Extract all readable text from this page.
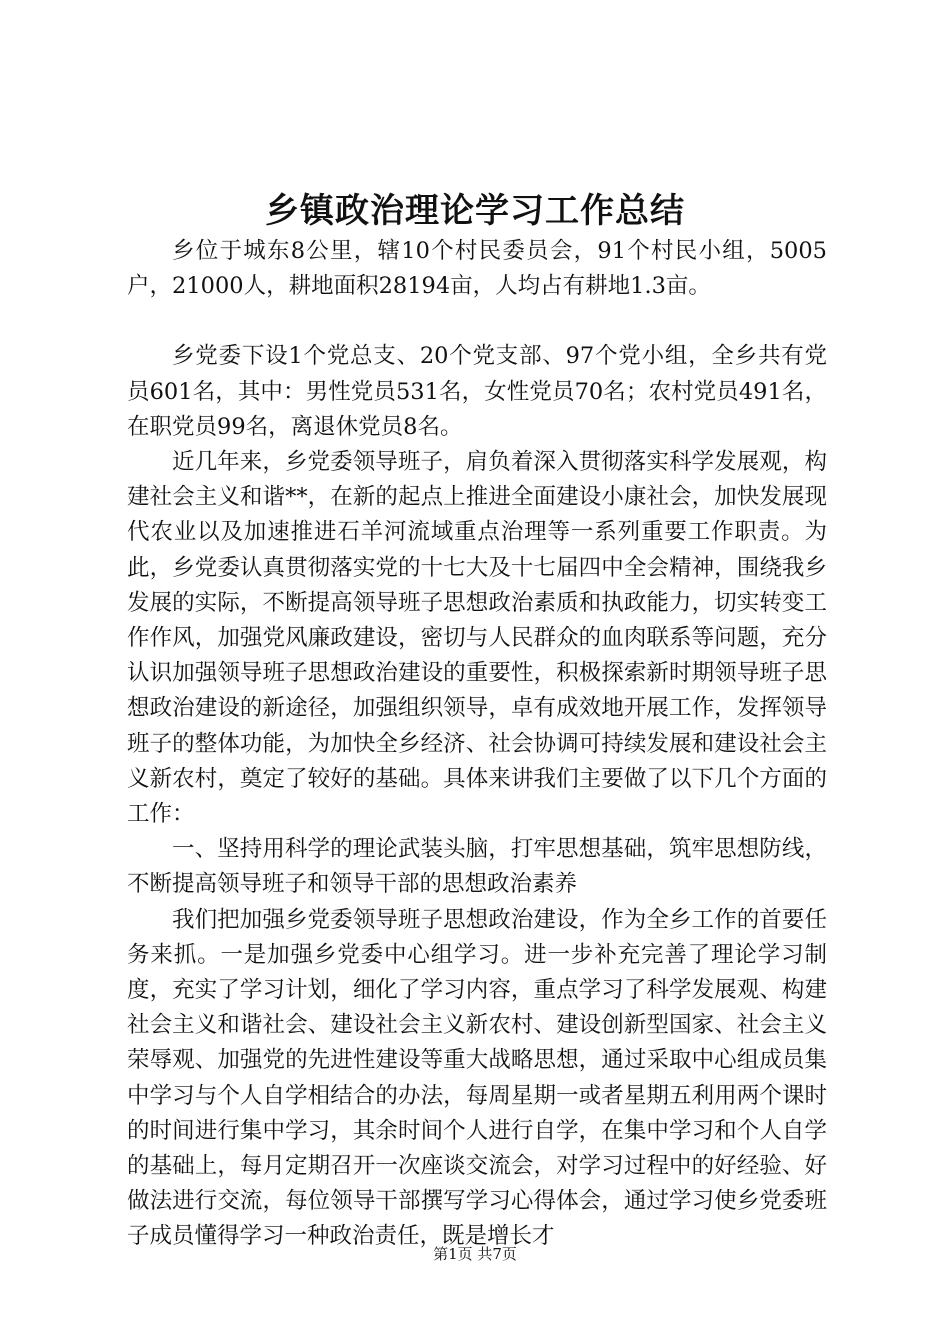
乡镇政治理论学习工作总结

乡位于城东8公里，辖10个村民委员会，91个村民小组，5005户，21000人，耕地面积28194亩，人均占有耕地1.3亩。

乡党委下设1个党总支、20个党支部、97个党小组，全乡共有党员601名，其中：男性党员531名，女性党员70名；农村党员491名，在职党员99名，离退休党员8名。

近几年来，乡党委领导班子，肩负着深入贯彻落实科学发展观，构建社会主义和谐**，在新的起点上推进全面建设小康社会，加快发展现代农业以及加速推进石羊河流域重点治理等一系列重要工作职责。为此，乡党委认真贯彻落实党的十七大及十七届四中全会精神，围绕我乡发展的实际，不断提高领导班子思想政治素质和执政能力，切实转变工作作风，加强党风廉政建设，密切与人民群众的血肉联系等问题，充分认识加强领导班子思想政治建设的重要性，积极探索新时期领导班子思想政治建设的新途径，加强组织领导，卓有成效地开展工作，发挥领导班子的整体功能，为加快全乡经济、社会协调可持续发展和建设社会主义新农村，奠定了较好的基础。具体来讲我们主要做了以下几个方面的工作：

一、坚持用科学的理论武装头脑，打牢思想基础，筑牢思想防线，不断提高领导班子和领导干部的思想政治素养

我们把加强乡党委领导班子思想政治建设，作为全乡工作的首要任务来抓。一是加强乡党委中心组学习。进一步补充完善了理论学习制度，充实了学习计划，细化了学习内容，重点学习了科学发展观、构建社会主义和谐社会、建设社会主义新农村、建设创新型国家、社会主义荣辱观、加强党的先进性建设等重大战略思想，通过采取中心组成员集中学习与个人自学相结合的办法，每周星期一或者星期五利用两个课时的时间进行集中学习，其余时间个人进行自学，在集中学习和个人自学的基础上，每月定期召开一次座谈交流会，对学习过程中的好经验、好做法进行交流，每位领导干部撰写学习心得体会，通过学习使乡党委班子成员懂得学习一种政治责任，既是增长才

第1页 共7页
